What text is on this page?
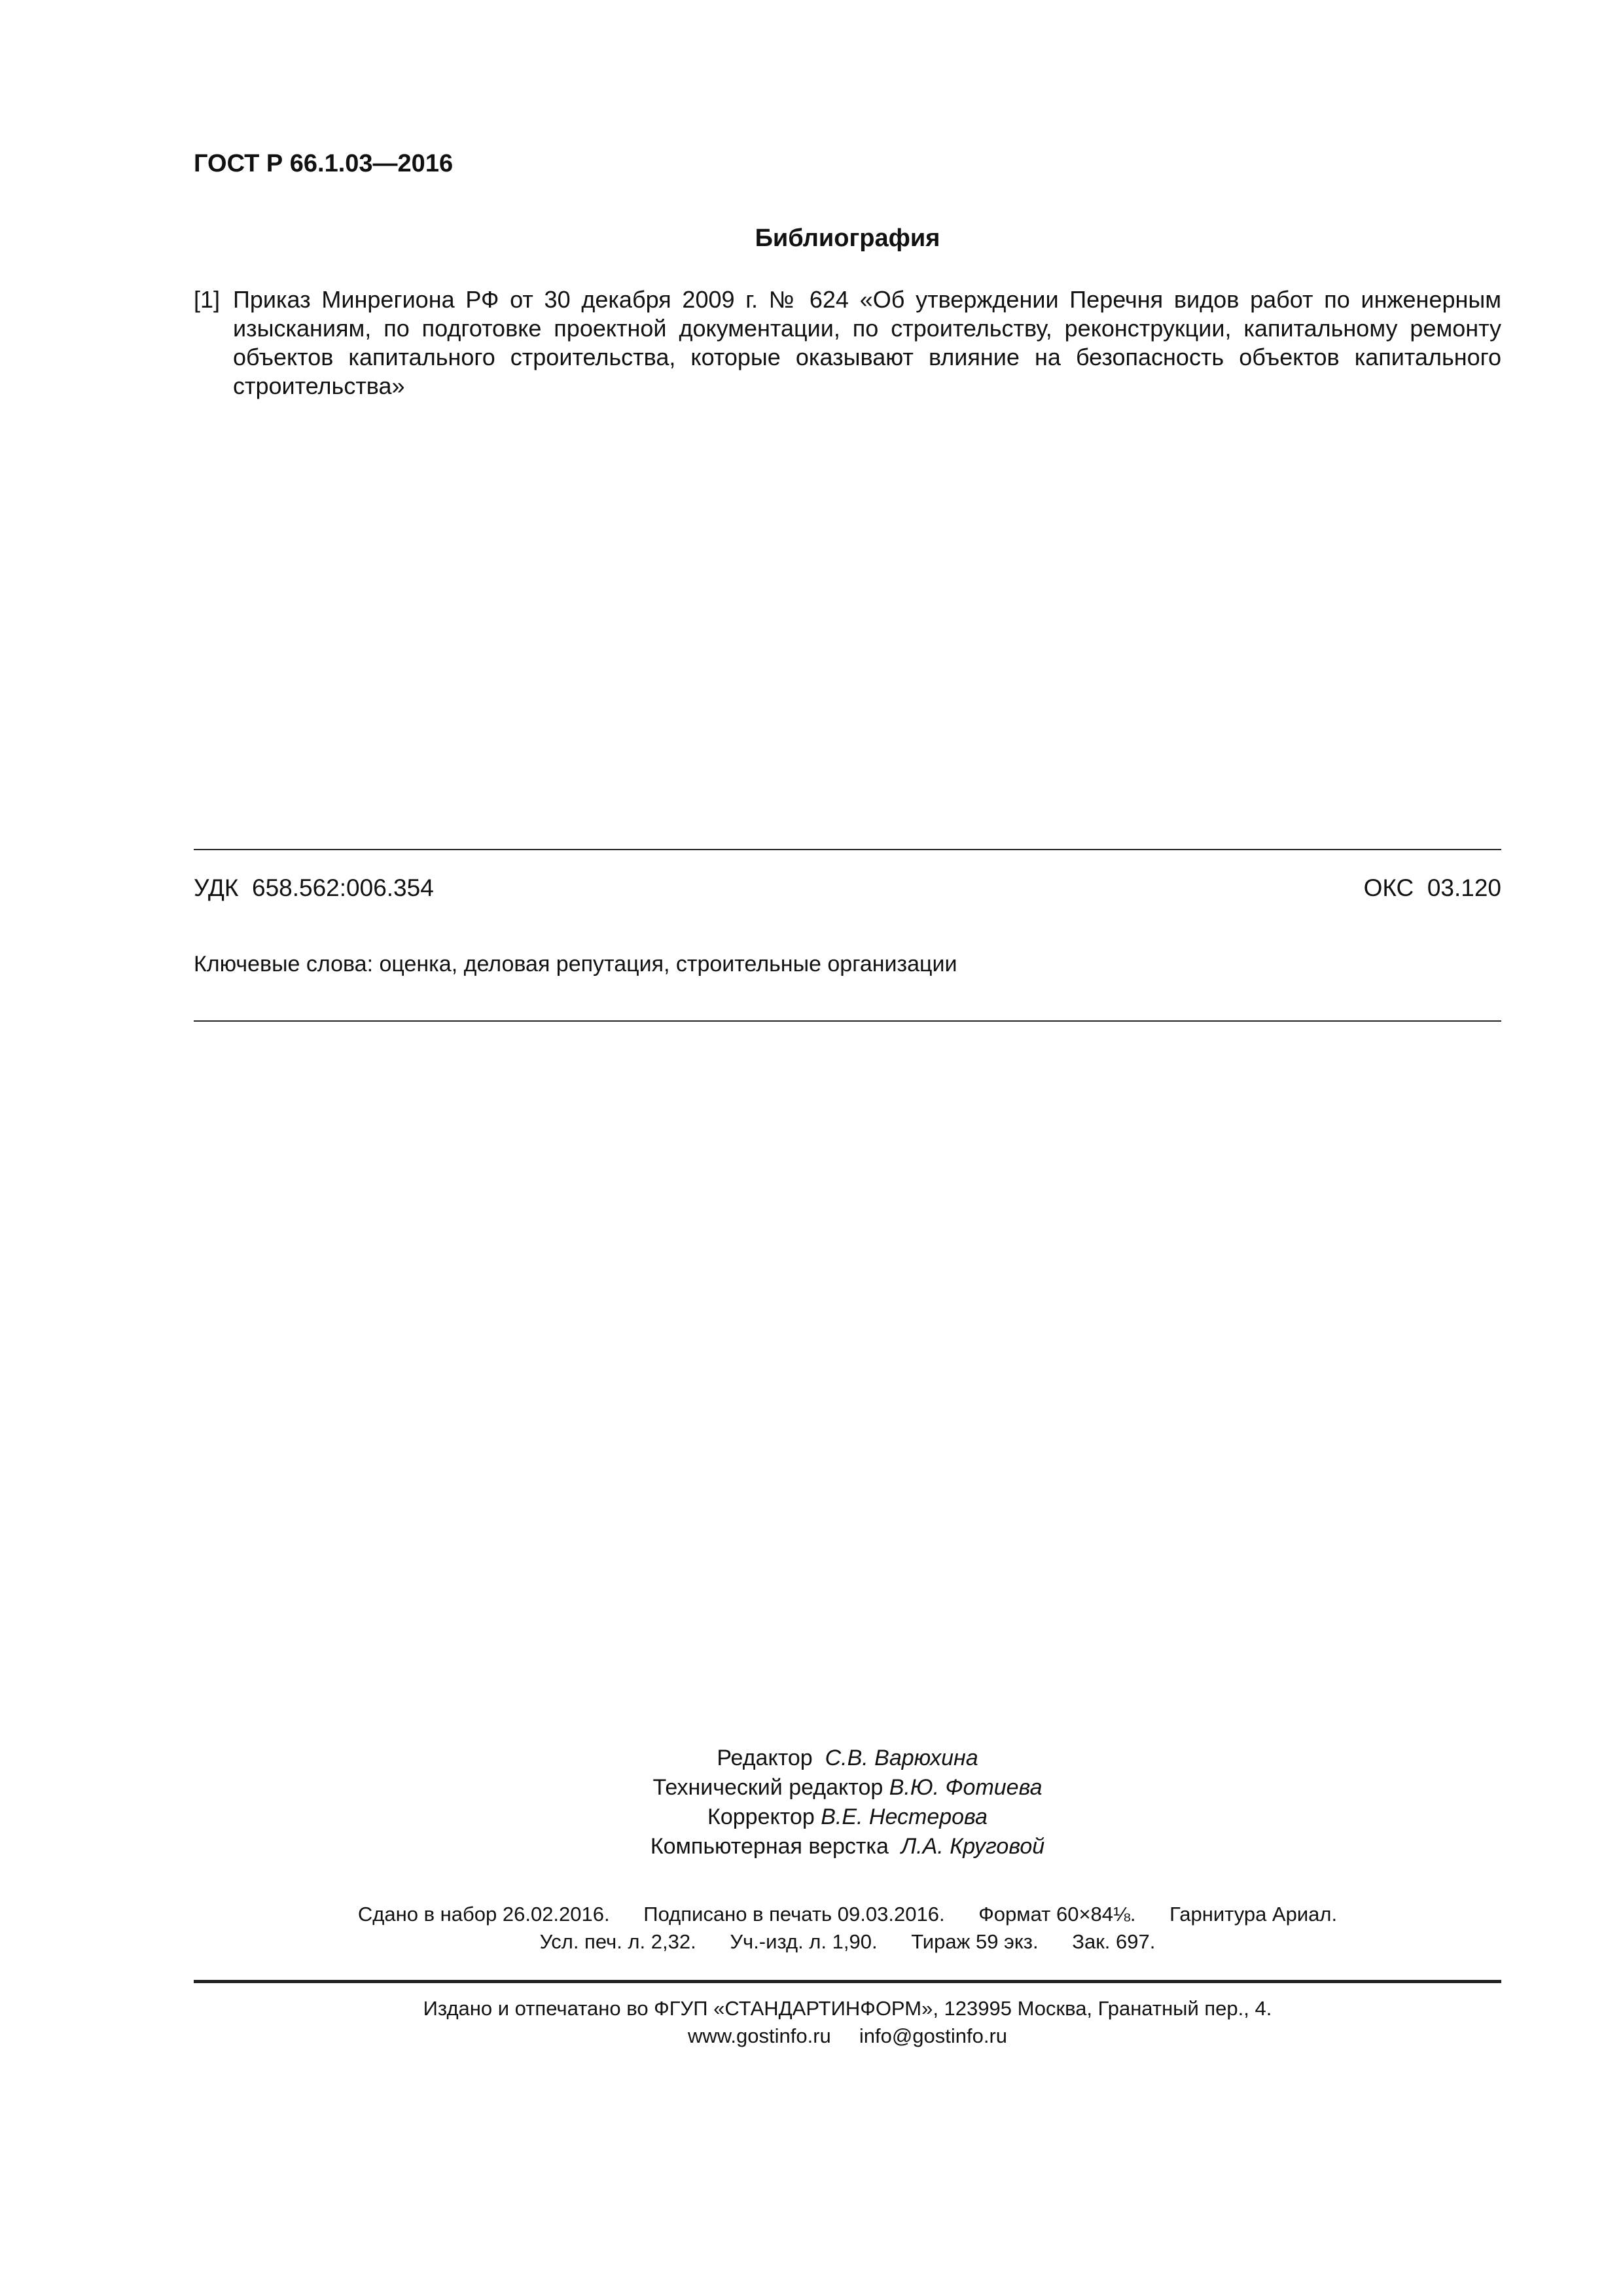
ГОСТ Р 66.1.03—2016
Библиография
[1] Приказ Минрегиона РФ от 30 декабря 2009 г. № 624 «Об утверждении Перечня видов работ по инженерным изысканиям, по подготовке проектной документации, по строительству, реконструкции, капитальному ремонту объектов капитального строительства, которые оказывают влияние на безопасность объектов капитального строительства»
УДК  658.562:006.354	ОКС  03.120
Ключевые слова: оценка, деловая репутация, строительные организации
Редактор С.В. Варюхина
Технический редактор В.Ю. Фотиева
Корректор В.Е. Нестерова
Компьютерная верстка Л.А. Круговой
Сдано в набор 26.02.2016.      Подписано в печать 09.03.2016.      Формат 60×84⅛.      Гарнитура Ариал.
Усл. печ. л. 2,32.      Уч.-изд. л. 1,90.      Тираж 59 экз.      Зак. 697.
Издано и отпечатано во ФГУП «СТАНДАРТИНФОРМ», 123995 Москва, Гранатный пер., 4.
www.gostinfo.ru     info@gostinfo.ru
